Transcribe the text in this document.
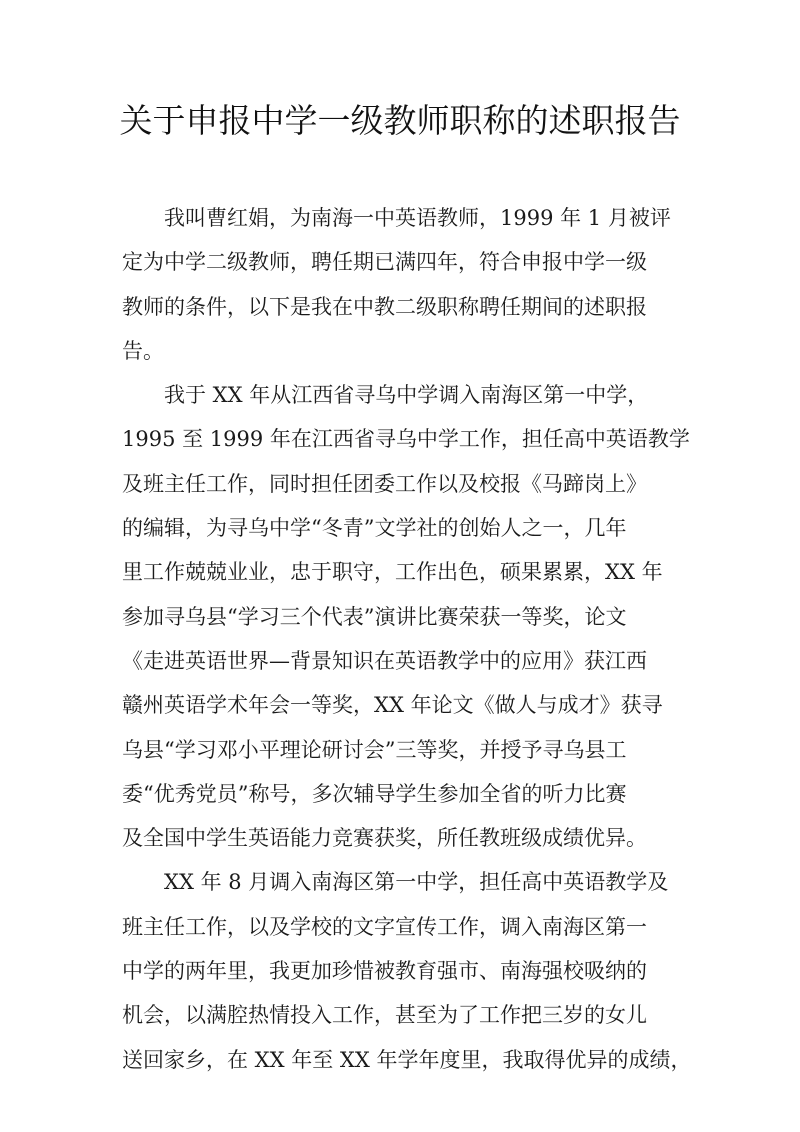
关于申报中学一级教师职称的述职报告
我叫曹红娟，为南海一中英语教师，1999 年 1 月被评
定为中学二级教师，聘任期已满四年，符合申报中学一级
教师的条件，以下是我在中教二级职称聘任期间的述职报
告。
我于 XX 年从江西省寻乌中学调入南海区第一中学，
1995 至 1999 年在江西省寻乌中学工作，担任高中英语教学
及班主任工作，同时担任团委工作以及校报《马蹄岗上》
的编辑，为寻乌中学“冬青”文学社的创始人之一，几年
里工作兢兢业业，忠于职守，工作出色，硕果累累，XX 年
参加寻乌县“学习三个代表”演讲比赛荣获一等奖，论文
《走进英语世界—背景知识在英语教学中的应用》获江西
赣州英语学术年会一等奖，XX 年论文《做人与成才》获寻
乌县“学习邓小平理论研讨会”三等奖，并授予寻乌县工
委“优秀党员”称号，多次辅导学生参加全省的听力比赛
及全国中学生英语能力竞赛获奖，所任教班级成绩优异。
XX 年 8 月调入南海区第一中学，担任高中英语教学及
班主任工作，以及学校的文字宣传工作，调入南海区第一
中学的两年里，我更加珍惜被教育强市、南海强校吸纳的
机会，以满腔热情投入工作，甚至为了工作把三岁的女儿
送回家乡，在 XX 年至 XX 年学年度里，我取得优异的成绩，
